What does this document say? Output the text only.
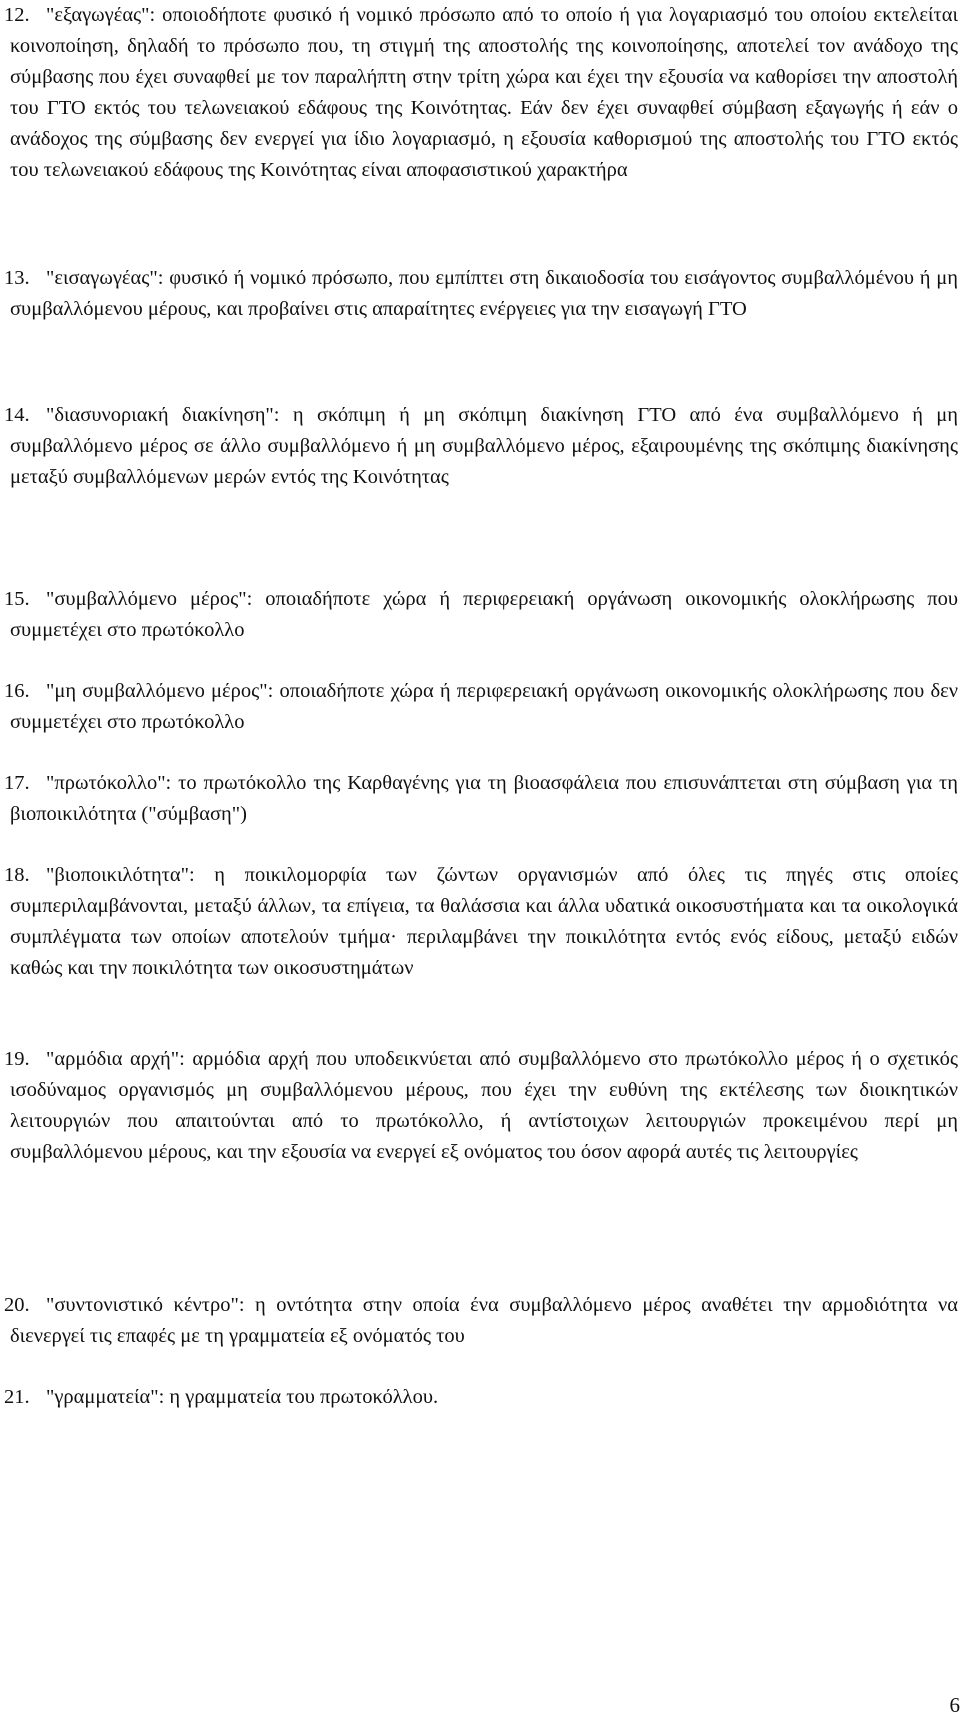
12. "εξαγωγέας": οποιοδήποτε φυσικό ή νομικό πρόσωπο από το οποίο ή για λογαριασμό του οποίου εκτελείται κοινοποίηση, δηλαδή το πρόσωπο που, τη στιγμή της αποστολής της κοινοποίησης, αποτελεί τον ανάδοχο της σύμβασης που έχει συναφθεί με τον παραλήπτη στην τρίτη χώρα και έχει την εξουσία να καθορίσει την αποστολή του ΓΤΟ εκτός του τελωνειακού εδάφους της Κοινότητας. Εάν δεν έχει συναφθεί σύμβαση εξαγωγής ή εάν ο ανάδοχος της σύμβασης δεν ενεργεί για ίδιο λογαριασμό, η εξουσία καθορισμού της αποστολής του ΓΤΟ εκτός του τελωνειακού εδάφους της Κοινότητας είναι αποφασιστικού χαρακτήρα
13. "εισαγωγέας": φυσικό ή νομικό πρόσωπο, που εμπίπτει στη δικαιοδοσία του εισάγοντος συμβαλλόμένου ή μη συμβαλλόμενου μέρους, και προβαίνει στις απαραίτητες ενέργειες για την εισαγωγή ΓΤΟ
14. "διασυνοριακή διακίνηση": η σκόπιμη ή μη σκόπιμη διακίνηση ΓΤΟ από ένα συμβαλλόμενο ή μη συμβαλλόμενο μέρος σε άλλο συμβαλλόμενο ή μη συμβαλλόμενο μέρος, εξαιρουμένης της σκόπιμης διακίνησης μεταξύ συμβαλλόμενων μερών εντός της Κοινότητας
15. "συμβαλλόμενο μέρος": οποιαδήποτε χώρα ή περιφερειακή οργάνωση οικονομικής ολοκλήρωσης που συμμετέχει στο πρωτόκολλο
16. "μη συμβαλλόμενο μέρος": οποιαδήποτε χώρα ή περιφερειακή οργάνωση οικονομικής ολοκλήρωσης που δεν συμμετέχει στο πρωτόκολλο
17. "πρωτόκολλο": το πρωτόκολλο της Καρθαγένης για τη βιοασφάλεια που επισυνάπτεται στη σύμβαση για τη βιοποικιλότητα ("σύμβαση")
18. "βιοποικιλότητα": η ποικιλομορφία των ζώντων οργανισμών από όλες τις πηγές στις οποίες συμπεριλαμβάνονται, μεταξύ άλλων, τα επίγεια, τα θαλάσσια και άλλα υδατικά οικοσυστήματα και τα οικολογικά συμπλέγματα των οποίων αποτελούν τμήμα· περιλαμβάνει την ποικιλότητα εντός ενός είδους, μεταξύ ειδών καθώς και την ποικιλότητα των οικοσυστημάτων
19. "αρμόδια αρχή": αρμόδια αρχή που υποδεικνύεται από συμβαλλόμενο στο πρωτόκολλο μέρος ή ο σχετικός ισοδύναμος οργανισμός μη συμβαλλόμενου μέρους, που έχει την ευθύνη της εκτέλεσης των διοικητικών λειτουργιών που απαιτούνται από το πρωτόκολλο, ή αντίστοιχων λειτουργιών προκειμένου περί μη συμβαλλόμενου μέρους, και την εξουσία να ενεργεί εξ ονόματος του όσον αφορά αυτές τις λειτουργίες
20. "συντονιστικό κέντρο": η οντότητα στην οποία ένα συμβαλλόμενο μέρος αναθέτει την αρμοδιότητα να διενεργεί τις επαφές με τη γραμματεία εξ ονόματός του
21. "γραμματεία": η γραμματεία του πρωτοκόλλου.
6
